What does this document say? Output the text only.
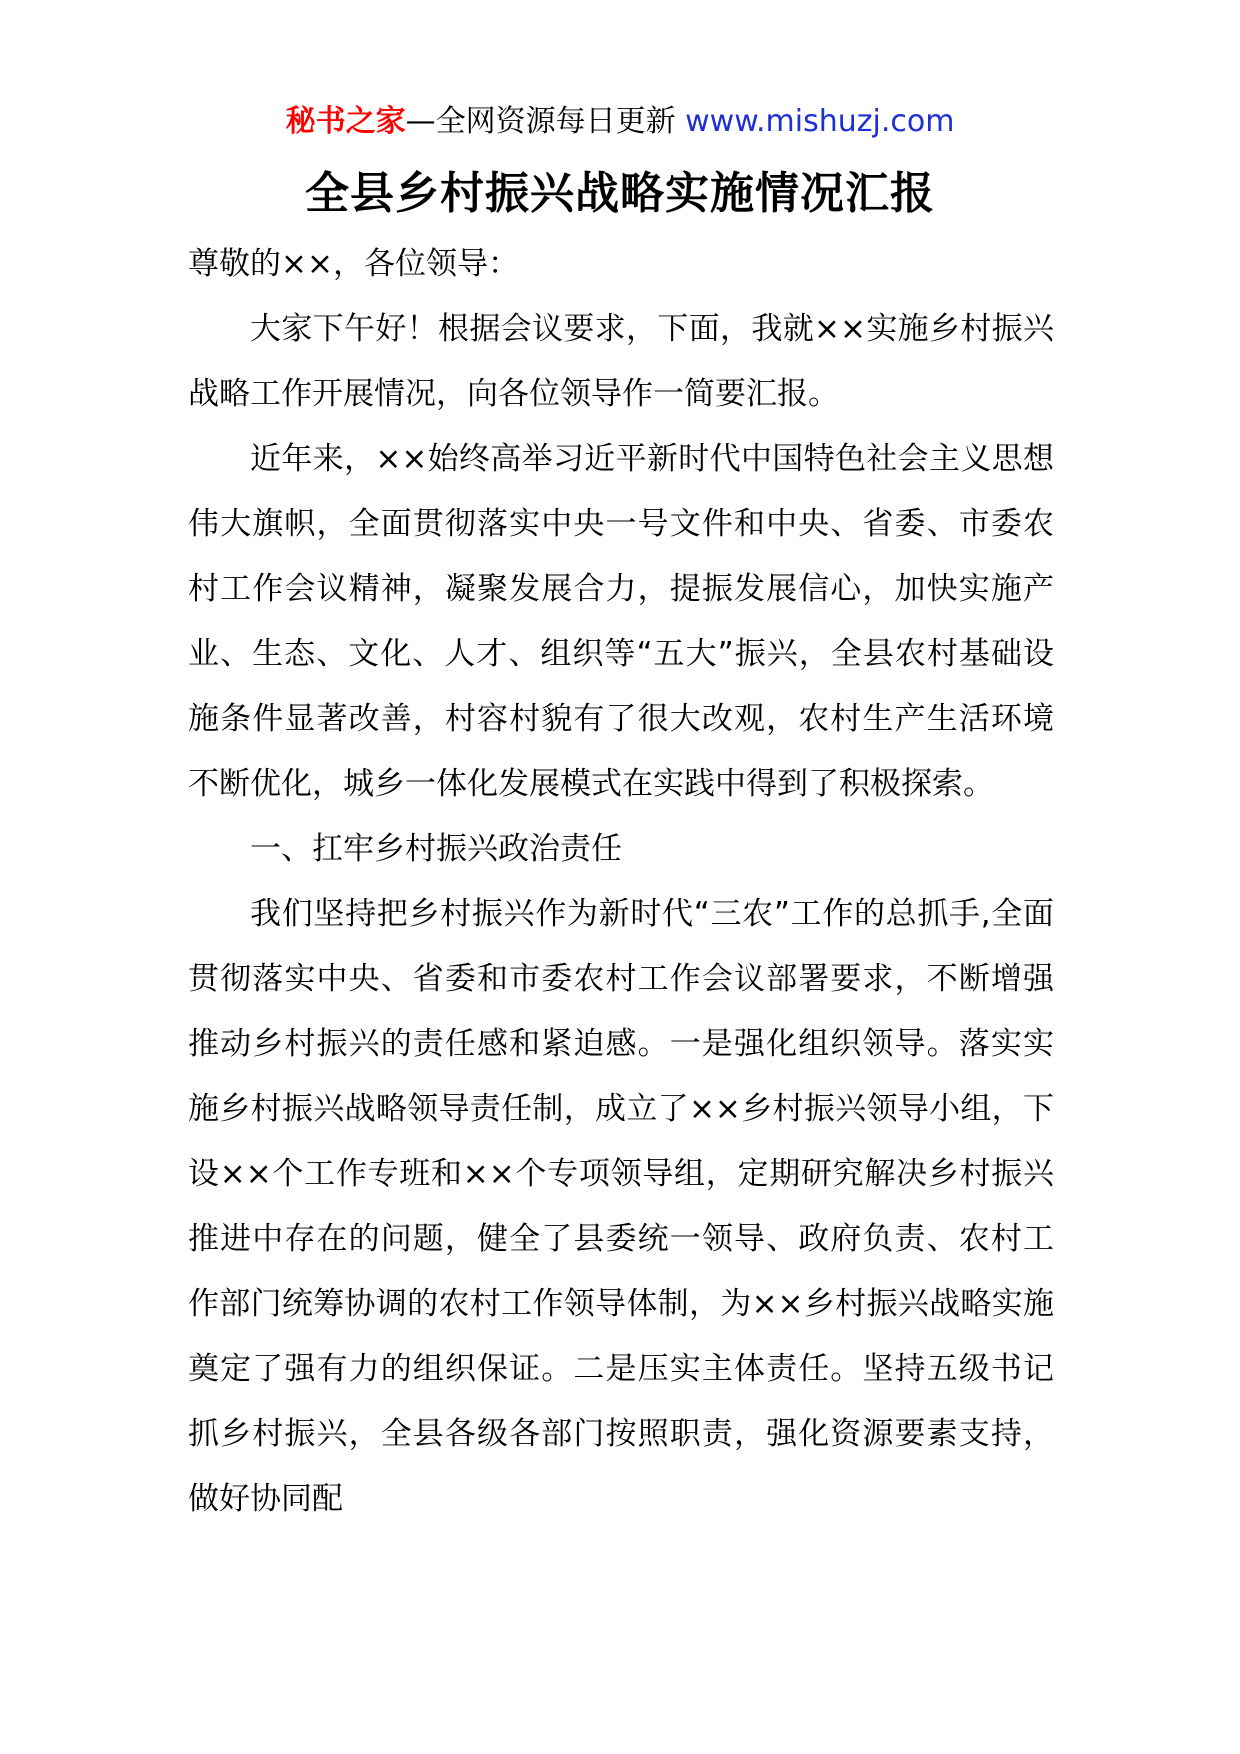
秘书之家—全网资源每日更新 www.mishuzj.com
全县乡村振兴战略实施情况汇报

尊敬的××，各位领导：

大家下午好！根据会议要求，下面，我就××实施乡村振兴战略工作开展情况，向各位领导作一简要汇报。

近年来，××始终高举习近平新时代中国特色社会主义思想伟大旗帜，全面贯彻落实中央一号文件和中央、省委、市委农村工作会议精神，凝聚发展合力，提振发展信心，加快实施产业、生态、文化、人才、组织等“五大”振兴，全县农村基础设施条件显著改善，村容村貌有了很大改观，农村生产生活环境不断优化，城乡一体化发展模式在实践中得到了积极探索。

一、扛牢乡村振兴政治责任

我们坚持把乡村振兴作为新时代“三农”工作的总抓手,全面贯彻落实中央、省委和市委农村工作会议部署要求，不断增强推动乡村振兴的责任感和紧迫感。一是强化组织领导。落实实施乡村振兴战略领导责任制，成立了××乡村振兴领导小组，下设××个工作专班和××个专项领导组，定期研究解决乡村振兴推进中存在的问题，健全了县委统一领导、政府负责、农村工作部门统筹协调的农村工作领导体制，为××乡村振兴战略实施奠定了强有力的组织保证。二是压实主体责任。坚持五级书记抓乡村振兴，全县各级各部门按照职责，强化资源要素支持，做好协同配
